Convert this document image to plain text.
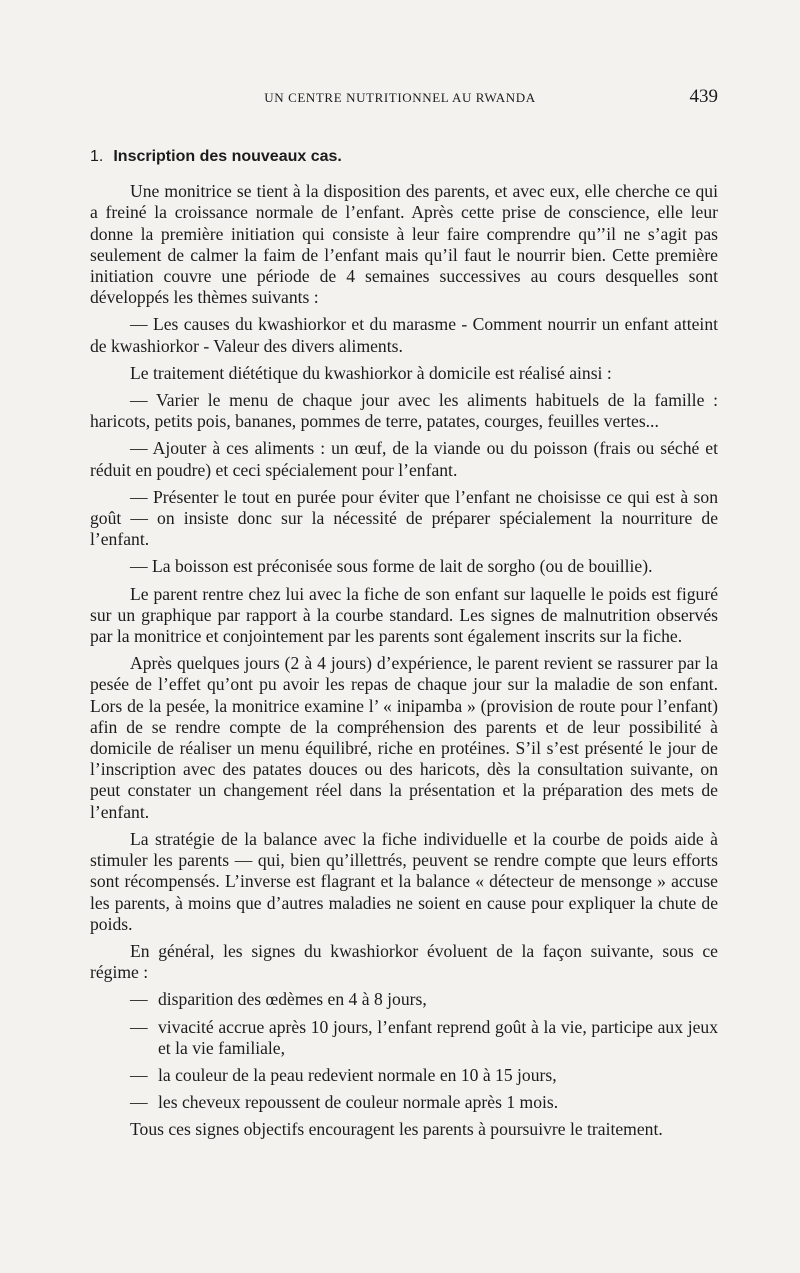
UN CENTRE NUTRITIONNEL AU RWANDA	439
1. Inscription des nouveaux cas.

Une monitrice se tient à la disposition des parents, et avec eux, elle cherche ce qui a freiné la croissance normale de l’enfant. Après cette prise de conscience, elle leur donne la première initiation qui consiste à leur faire comprendre qu’’il ne s’agit pas seulement de calmer la faim de l’enfant mais qu’il faut le nourrir bien. Cette première initiation couvre une période de 4 semaines successives au cours desquelles sont développés les thèmes suivants :

— Les causes du kwashiorkor et du marasme - Comment nourrir un enfant atteint de kwashiorkor - Valeur des divers aliments.

Le traitement diététique du kwashiorkor à domicile est réalisé ainsi :

— Varier le menu de chaque jour avec les aliments habituels de la famille : haricots, petits pois, bananes, pommes de terre, patates, courges, feuilles vertes...

— Ajouter à ces aliments : un œuf, de la viande ou du poisson (frais ou séché et réduit en poudre) et ceci spécialement pour l’enfant.

— Présenter le tout en purée pour éviter que l’enfant ne choisisse ce qui est à son goût — on insiste donc sur la nécessité de préparer spécialement la nourriture de l’enfant.

— La boisson est préconisée sous forme de lait de sorgho (ou de bouillie).

Le parent rentre chez lui avec la fiche de son enfant sur laquelle le poids est figuré sur un graphique par rapport à la courbe standard. Les signes de malnutrition observés par la monitrice et conjointement par les parents sont également inscrits sur la fiche.

Après quelques jours (2 à 4 jours) d’expérience, le parent revient se rassurer par la pesée de l’effet qu’ont pu avoir les repas de chaque jour sur la maladie de son enfant. Lors de la pesée, la monitrice examine l’ « inipamba » (provision de route pour l’enfant) afin de se rendre compte de la compréhension des parents et de leur possibilité à domicile de réaliser un menu équilibré, riche en protéines. S’il s’est présenté le jour de l’inscription avec des patates douces ou des haricots, dès la consultation suivante, on peut constater un changement réel dans la présentation et la préparation des mets de l’enfant.

La stratégie de la balance avec la fiche individuelle et la courbe de poids aide à stimuler les parents — qui, bien qu’illettrés, peuvent se rendre compte que leurs efforts sont récompensés. L’inverse est flagrant et la balance « détecteur de mensonge » accuse les parents, à moins que d’autres maladies ne soient en cause pour expliquer la chute de poids.

En général, les signes du kwashiorkor évoluent de la façon suivante, sous ce régime :

— disparition des œdèmes en 4 à 8 jours,
— vivacité accrue après 10 jours, l’enfant reprend goût à la vie, participe aux jeux et la vie familiale,
— la couleur de la peau redevient normale en 10 à 15 jours,
— les cheveux repoussent de couleur normale après 1 mois.

Tous ces signes objectifs encouragent les parents à poursuivre le traitement.
